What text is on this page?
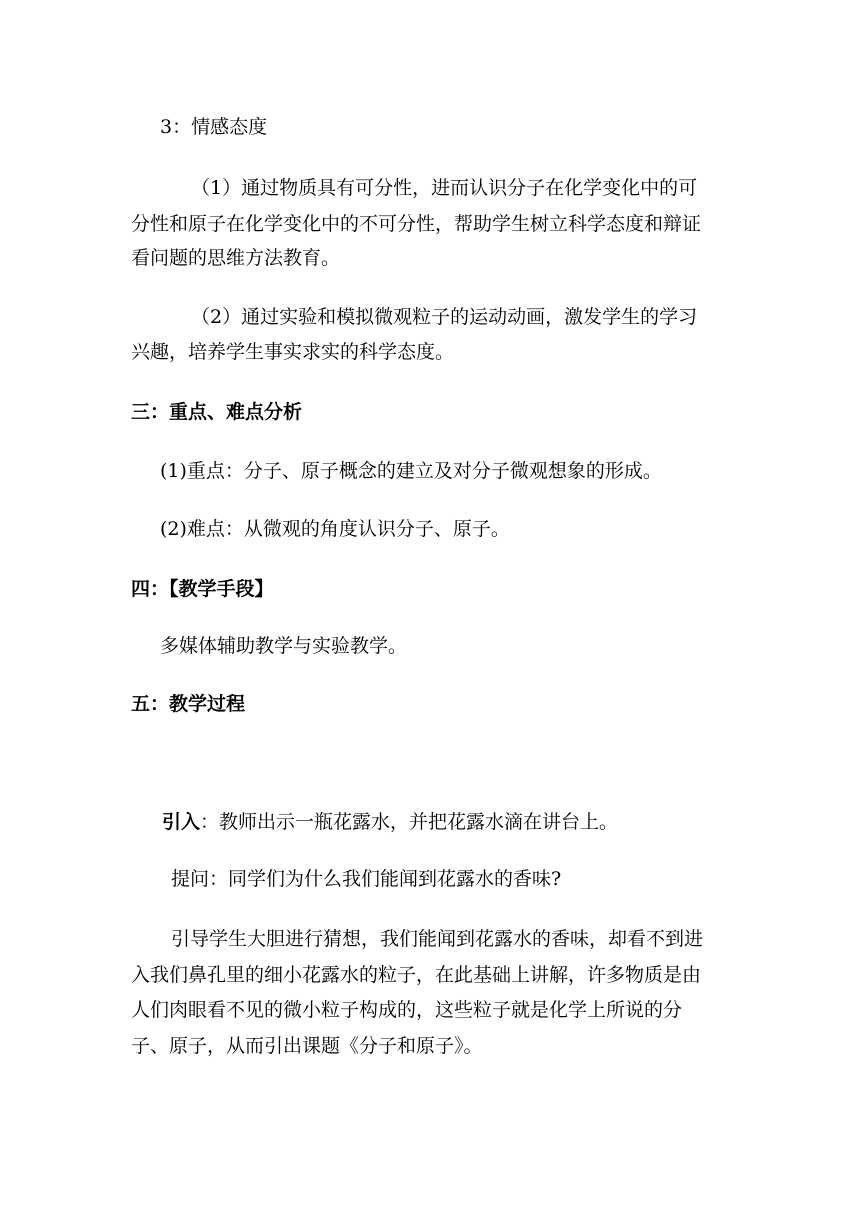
3：情感态度
（1）通过物质具有可分性，进而认识分子在化学变化中的可
分性和原子在化学变化中的不可分性，帮助学生树立科学态度和辩证
看问题的思维方法教育。
（2）通过实验和模拟微观粒子的运动动画，激发学生的学习
兴趣，培养学生事实求实的科学态度。
三：重点、难点分析
(1)重点：分子、原子概念的建立及对分子微观想象的形成。
(2)难点：从微观的角度认识分子、原子。
四：【教学手段】
多媒体辅助教学与实验教学。
五：教学过程
引入：教师出示一瓶花露水，并把花露水滴在讲台上。
提问：同学们为什么我们能闻到花露水的香味?
引导学生大胆进行猜想，我们能闻到花露水的香味，却看不到进
入我们鼻孔里的细小花露水的粒子，在此基础上讲解，许多物质是由
人们肉眼看不见的微小粒子构成的，这些粒子就是化学上所说的分
子、原子，从而引出课题《分子和原子》。
